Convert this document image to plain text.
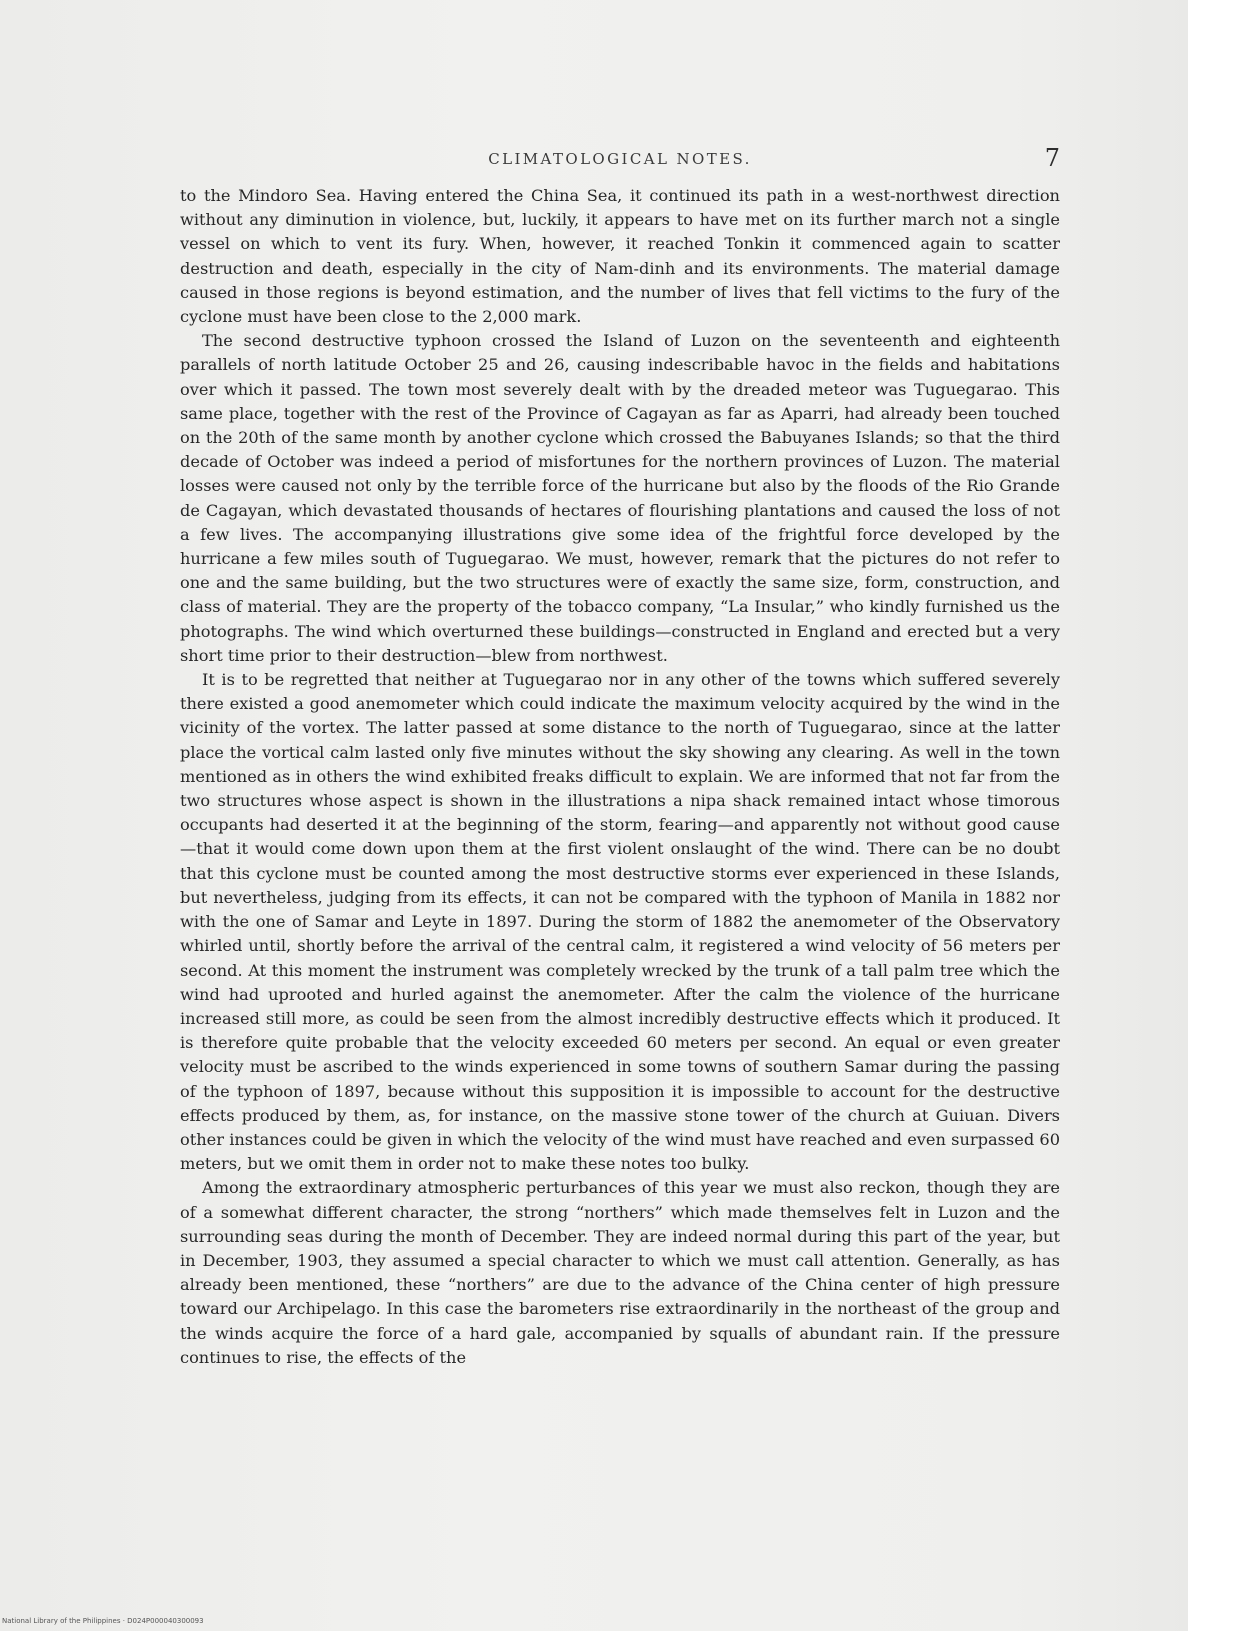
CLIMATOLOGICAL NOTES.	7

to the Mindoro Sea. Having entered the China Sea, it continued its path in a west-northwest direction without any diminution in violence, but, luckily, it appears to have met on its further march not a single vessel on which to vent its fury. When, however, it reached Tonkin it commenced again to scatter destruction and death, especially in the city of Nam-dinh and its environments. The material damage caused in those regions is beyond estimation, and the number of lives that fell victims to the fury of the cyclone must have been close to the 2,000 mark.

The second destructive typhoon crossed the Island of Luzon on the seventeenth and eighteenth parallels of north latitude October 25 and 26, causing indescribable havoc in the fields and habitations over which it passed. The town most severely dealt with by the dreaded meteor was Tuguegarao. This same place, together with the rest of the Province of Cagayan as far as Aparri, had already been touched on the 20th of the same month by another cyclone which crossed the Babuyanes Islands; so that the third decade of October was indeed a period of misfortunes for the northern provinces of Luzon. The material losses were caused not only by the terrible force of the hurricane but also by the floods of the Rio Grande de Cagayan, which devastated thousands of hectares of flourishing plantations and caused the loss of not a few lives. The accompanying illustrations give some idea of the frightful force developed by the hurricane a few miles south of Tuguegarao. We must, however, remark that the pictures do not refer to one and the same building, but the two structures were of exactly the same size, form, construction, and class of material. They are the property of the tobacco company, “La Insular,” who kindly furnished us the photographs. The wind which overturned these buildings—constructed in England and erected but a very short time prior to their destruction—blew from northwest.

It is to be regretted that neither at Tuguegarao nor in any other of the towns which suffered severely there existed a good anemometer which could indicate the maximum velocity acquired by the wind in the vicinity of the vortex. The latter passed at some distance to the north of Tuguegarao, since at the latter place the vortical calm lasted only five minutes without the sky showing any clearing. As well in the town mentioned as in others the wind exhibited freaks difficult to explain. We are informed that not far from the two structures whose aspect is shown in the illustrations a nipa shack remained intact whose timorous occupants had deserted it at the beginning of the storm, fearing—and apparently not without good cause—that it would come down upon them at the first violent onslaught of the wind. There can be no doubt that this cyclone must be counted among the most destructive storms ever experienced in these Islands, but nevertheless, judging from its effects, it can not be compared with the typhoon of Manila in 1882 nor with the one of Samar and Leyte in 1897. During the storm of 1882 the anemometer of the Observatory whirled until, shortly before the arrival of the central calm, it registered a wind velocity of 56 meters per second. At this moment the instrument was completely wrecked by the trunk of a tall palm tree which the wind had uprooted and hurled against the anemometer. After the calm the violence of the hurricane increased still more, as could be seen from the almost incredibly destructive effects which it produced. It is therefore quite probable that the velocity exceeded 60 meters per second. An equal or even greater velocity must be ascribed to the winds experienced in some towns of southern Samar during the passing of the typhoon of 1897, because without this supposition it is impossible to account for the destructive effects produced by them, as, for instance, on the massive stone tower of the church at Guiuan. Divers other instances could be given in which the velocity of the wind must have reached and even surpassed 60 meters, but we omit them in order not to make these notes too bulky.

Among the extraordinary atmospheric perturbances of this year we must also reckon, though they are of a somewhat different character, the strong “northers” which made themselves felt in Luzon and the surrounding seas during the month of December. They are indeed normal during this part of the year, but in December, 1903, they assumed a special character to which we must call attention. Generally, as has already been mentioned, these “northers” are due to the advance of the China center of high pressure toward our Archipelago. In this case the barometers rise extraordinarily in the northeast of the group and the winds acquire the force of a hard gale, accompanied by squalls of abundant rain. If the pressure continues to rise, the effects of the

National Library of the Philippines · D024P000040300093
